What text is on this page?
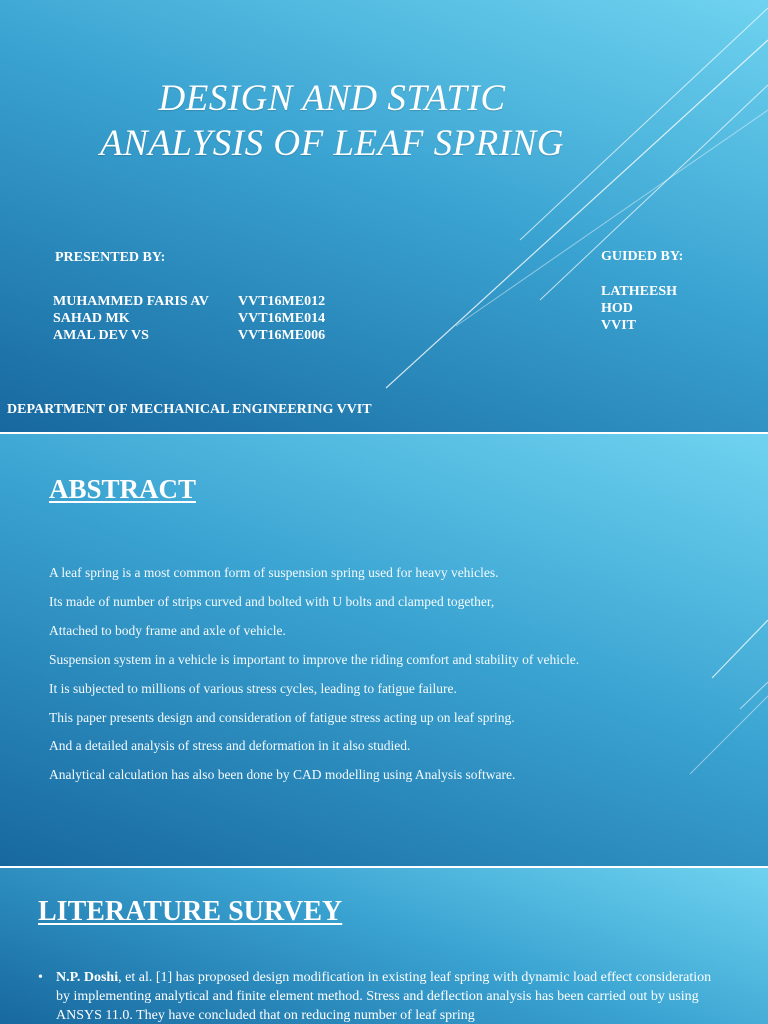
DESIGN AND STATIC
ANALYSIS OF LEAF SPRING
PRESENTED BY:	GUIDED BY:
MUHAMMED FARIS AV VVT16ME012
SAHAD MK	VVT16ME014
AMAL DEV VS	VVT16ME006
LATHEESH
HOD
VVIT
DEPARTMENT OF MECHANICAL ENGINEERING VVIT
ABSTRACT
A leaf spring is a most common form of suspension spring used for heavy vehicles.
Its made of number of strips curved and bolted with U bolts and clamped together,
Attached to body frame and axle of vehicle.
Suspension system in a vehicle is important to improve the riding comfort and stability of vehicle.
It is subjected to millions of various stress cycles, leading to fatigue failure.
This paper presents design and consideration of fatigue stress acting up on leaf spring.
And a detailed analysis of stress and deformation in it also studied.
Analytical calculation has also been done by CAD modelling using Analysis software.
LITERATURE SURVEY
• N.P. Doshi, et al. [1] has proposed design modification in existing leaf spring with dynamic load effect consideration by implementing analytical and finite element method. Stress and deflection analysis has been carried out by using ANSYS 11.0. They have concluded that on reducing number of leaf spring
